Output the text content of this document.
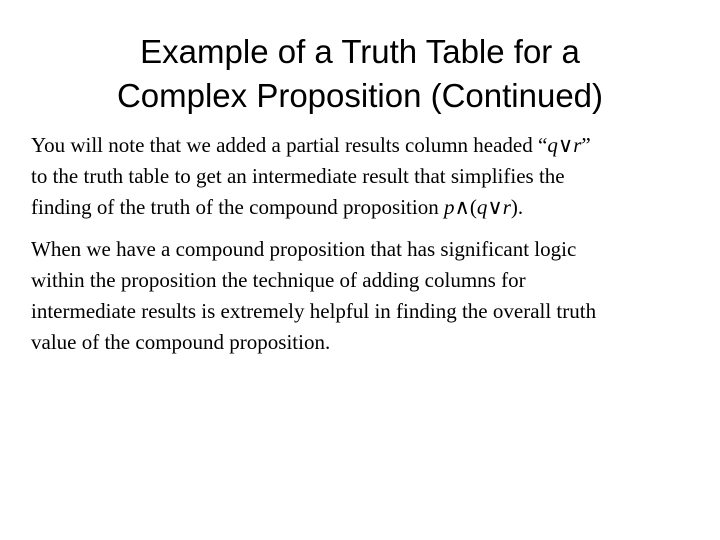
Example of a Truth Table for a
Complex Proposition (Continued)

You will note that we added a partial results column headed “q∨r”
to the truth table to get an intermediate result that simplifies the
finding of the truth of the compound proposition p∧(q∨r).

When we have a compound proposition that has significant logic
within the proposition the technique of adding columns for
intermediate results is extremely helpful in finding the overall truth
value of the compound proposition.
